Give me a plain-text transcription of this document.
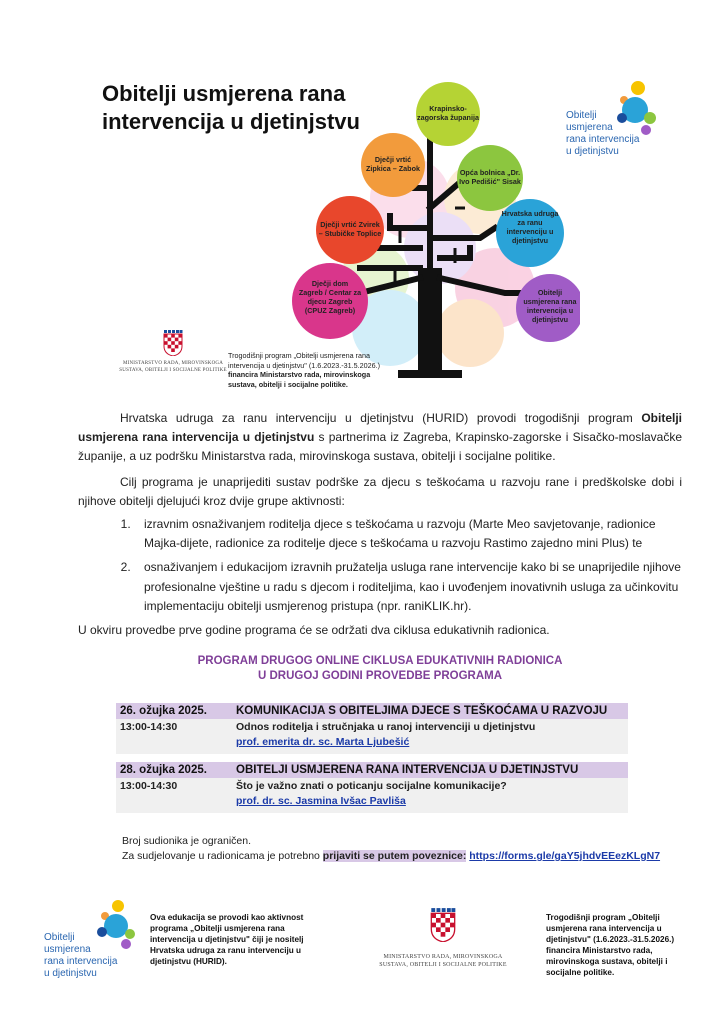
Obitelji usmjerena rana
intervencija u djetinjstvu
Krapinsko-zagorska županija
Dječji vrtić Zipkica – Zabok	Opća bolnica „Dr. Ivo Pedišić" Sisak
Dječji vrtić Zvirek – Stubičke Toplice
Hrvatska udruga za ranu intervenciju u djetinjstvu
Dječji dom Zagreb / Centar za djecu Zagreb (CPUZ Zagreb)
Obitelji usmjerena rana intervencija u djetinjstvu
Obitelji
usmjerena
rana intervencija
u djetinjstvu
MINISTARSTVO RADA, MIROVINSKOGA
SUSTAVA, OBITELJI I SOCIJALNE POLITIKE
Trogodišnji program „Obitelji usmjerena rana
intervencija u djetinjstvu" (1.6.2023.-31.5.2026.)
financira Ministarstvo rada, mirovinskoga
sustava, obitelji i socijalne politike.

Hrvatska udruga za ranu intervenciju u djetinjstvu (HURID) provodi trogodišnji program Obitelji usmjerena rana intervencija u djetinjstvu s partnerima iz Zagreba, Krapinsko-zagorske i Sisačko-moslavačke županije, a uz podršku Ministarstva rada, mirovinskoga sustava, obitelji i socijalne politike.

Cilj programa je unaprijediti sustav podrške za djecu s teškoćama u razvoju rane i predškolske dobi i njihove obitelji djelujući kroz dvije grupe aktivnosti:

1. izravnim osnaživanjem roditelja djece s teškoćama u razvoju (Marte Meo savjetovanje, radionice Majka-dijete, radionice za roditelje djece s teškoćama u razvoju Rastimo zajedno mini Plus) te
2. osnaživanjem i edukacijom izravnih pružatelja usluga rane intervencije kako bi se unaprijedile njihove profesionalne vještine u radu s djecom i roditeljima, kao i uvođenjem inovativnih usluga za učinkovitu implementaciju obitelji usmjerenog pristupa (npr. raniKLIK.hr).

U okviru provedbe prve godine programa će se održati dva ciklusa edukativnih radionica.

PROGRAM DRUGOG ONLINE CIKLUSA EDUKATIVNIH RADIONICA
U DRUGOJ GODINI PROVEDBE PROGRAMA
26. ožujka 2025.	KOMUNIKACIJA S OBITELJIMA DJECE S TEŠKOĆAMA U RAZVOJU
13:00-14:30	Odnos roditelja i stručnjaka u ranoj intervenciji u djetinjstvu
prof. emerita dr. sc. Marta Ljubešić
28. ožujka 2025.	OBITELJI USMJERENA RANA INTERVENCIJA U DJETINJSTVU
13:00-14:30	Što je važno znati o poticanju socijalne komunikacije?
prof. dr. sc. Jasmina Ivšac Pavliša
Broj sudionika je ograničen.
Za sudjelovanje u radionicama je potrebno prijaviti se putem poveznice: https://forms.gle/gaY5jhdvEEezKLgN7
Obitelji
usmjerena
rana intervencija
u djetinjstvu
Ova edukacija se provodi kao aktivnost
programa „Obitelji usmjerena rana
intervencija u djetinjstvu" čiji je nositelj
Hrvatska udruga za ranu intervenciju u
djetinjstvu (HURID).	MINISTARSTVO RADA, MIROVINSKOGA
SUSTAVA, OBITELJI I SOCIJALNE POLITIKE
Trogodišnji program „Obitelji
usmjerena rana intervencija u
djetinjstvu" (1.6.2023.-31.5.2026.)
financira Ministarstvo rada,
mirovinskoga sustava, obitelji i
socijalne politike.
